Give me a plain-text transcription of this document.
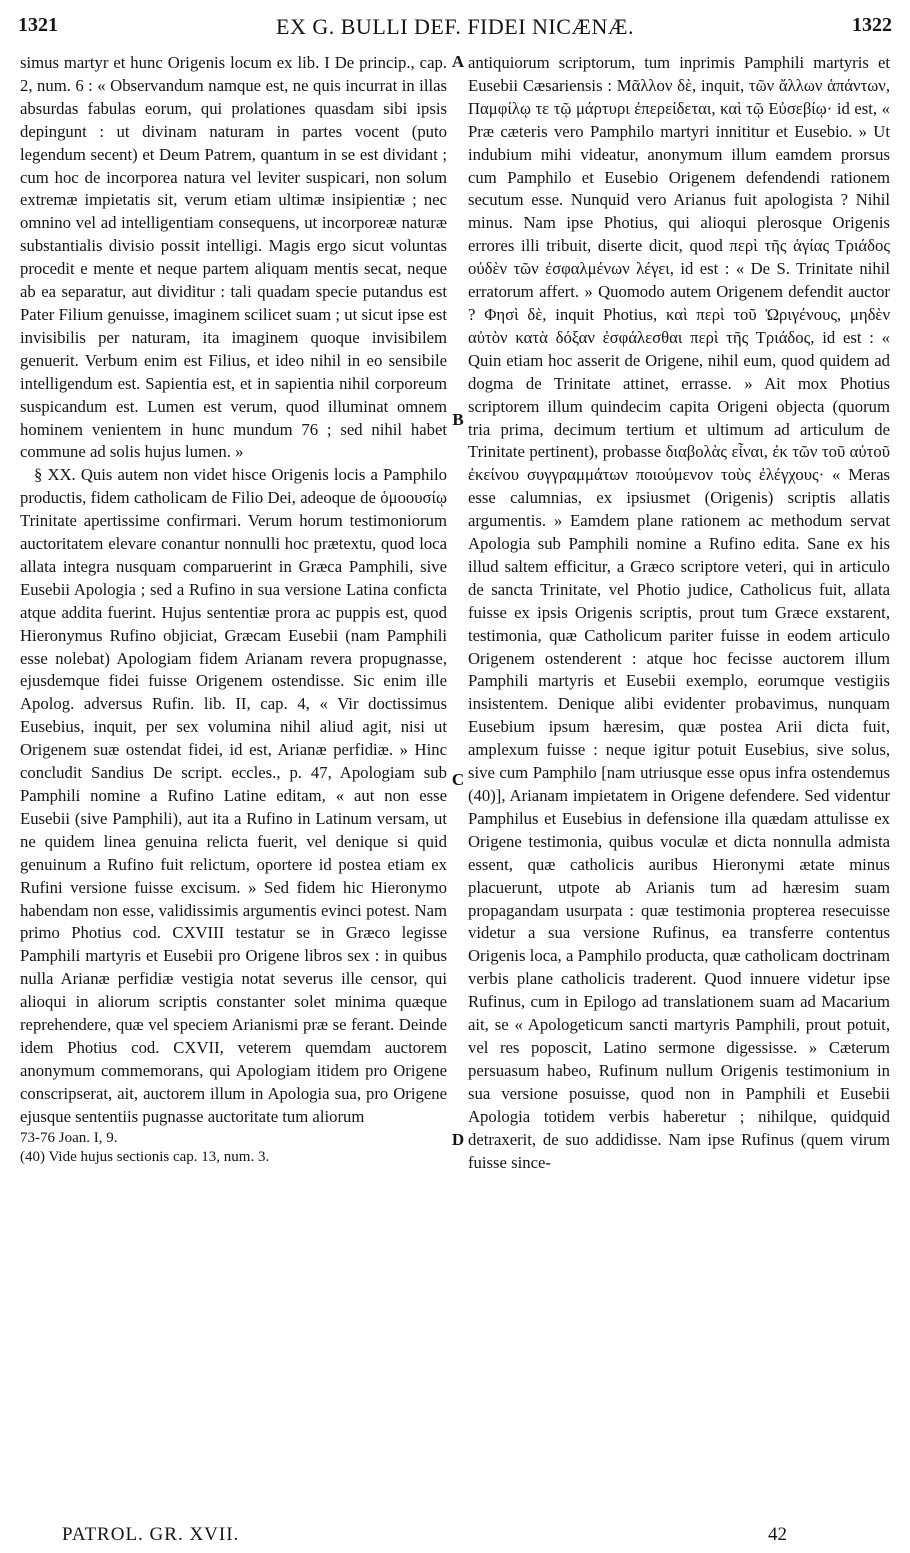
1321	EX G. BULLI DEF. FIDEI NICÆNÆ.	1322

simus martyr et hunc Origenis locum ex lib. I De princip., cap. 2, num. 6 : « Observandum namque est, ne quis incurrat in illas absurdas fabulas eorum, qui prolationes quasdam sibi ipsis depingunt : ut divinam naturam in partes vocent (puto legendum secent) et Deum Patrem, quantum in se est dividant ; cum hoc de incorporea natura vel leviter suspicari, non solum extremæ impietatis sit, verum etiam ultimæ insipientiæ ; nec omnino vel ad intelligentiam consequens, ut incorporeæ naturæ substantialis divisio possit intelligi. Magis ergo sicut voluntas procedit e mente et neque partem aliquam mentis secat, neque ab ea separatur, aut dividitur : tali quadam specie putandus est Pater Filium genuisse, imaginem scilicet suam ; ut sicut ipse est invisibilis per naturam, ita imaginem quoque invisibilem genuerit. Verbum enim est Filius, et ideo nihil in eo sensibile intelligendum est. Sapientia est, et in sapientia nihil corporeum suspicandum est. Lumen est verum, quod illuminat omnem hominem venientem in hunc mundum 76 ; sed nihil habet commune ad solis hujus lumen. »

§ XX. Quis autem non videt hisce Origenis locis a Pamphilo productis, fidem catholicam de Filio Dei, adeoque de ὁμοουσίῳ Trinitate apertissime confirmari. Verum horum testimoniorum auctoritatem elevare conantur nonnulli hoc prætextu, quod loca allata integra nusquam comparuerint in Græca Pamphili, sive Eusebii Apologia ; sed a Rufino in sua versione Latina conficta atque addita fuerint. Hujus sententiæ prora ac puppis est, quod Hieronymus Rufino objiciat, Græcam Eusebii (nam Pamphili esse nolebat) Apologiam fidem Arianam revera propugnasse, ejusdemque fidei fuisse Origenem ostendisse. Sic enim ille Apolog. adversus Rufin. lib. II, cap. 4, « Vir doctissimus Eusebius, inquit, per sex volumina nihil aliud agit, nisi ut Origenem suæ ostendat fidei, id est, Arianæ perfidiæ. » Hinc concludit Sandius De script. eccles., p. 47, Apologiam sub Pamphili nomine a Rufino Latine editam, « aut non esse Eusebii (sive Pamphili), aut ita a Rufino in Latinum versam, ut ne quidem linea genuina relicta fuerit, vel denique si quid genuinum a Rufino fuit relictum, oportere id postea etiam ex Rufini versione fuisse excisum. » Sed fidem hic Hieronymo habendam non esse, validissimis argumentis evinci potest. Nam primo Photius cod. CXVIII testatur se in Græco legisse Pamphili martyris et Eusebii pro Origene libros sex : in quibus nulla Arianæ perfidiæ vestigia notat severus ille censor, qui alioqui in aliorum scriptis constanter solet minima quæque reprehendere, quæ vel speciem Arianismi præ se ferant. Deinde idem Photius cod. CXVII, veterem quemdam auctorem anonymum commemorans, qui Apologiam itidem pro Origene conscripserat, ait, auctorem illum in Apologia sua, pro Origene ejusque sententiis pugnasse auctoritate tum aliorum

73-76 Joan. I, 9.

(40) Vide hujus sectionis cap. 13, num. 3.

A
B
C
D

antiquiorum scriptorum, tum inprimis Pamphili martyris et Eusebii Cæsariensis : Μᾶλλον δὲ, inquit, τῶν ἄλλων ἁπάντων, Παμφίλῳ τε τῷ μάρτυρι ἐπερείδεται, καὶ τῷ Εὐσεβίῳ· id est, « Præ cæteris vero Pamphilo martyri innititur et Eusebio. » Ut indubium mihi videatur, anonymum illum eamdem prorsus cum Pamphilo et Eusebio Origenem defendendi rationem secutum esse. Nunquid vero Arianus fuit apologista ? Nihil minus. Nam ipse Photius, qui alioqui plerosque Origenis errores illi tribuit, diserte dicit, quod περὶ τῆς ἁγίας Τριάδος οὐδὲν τῶν ἐσφαλμένων λέγει, id est : « De S. Trinitate nihil erratorum affert. » Quomodo autem Origenem defendit auctor ? Φησὶ δὲ, inquit Photius, καὶ περὶ τοῦ Ὠριγένους, μηδὲν αὐτὸν κατὰ δόξαν ἐσφάλεσθαι περὶ τῆς Τριάδος, id est : « Quin etiam hoc asserit de Origene, nihil eum, quod quidem ad dogma de Trinitate attinet, errasse. » Ait mox Photius scriptorem illum quindecim capita Origeni objecta (quorum tria prima, decimum tertium et ultimum ad articulum de Trinitate pertinent), probasse διαβολὰς εἶναι, ἐκ τῶν τοῦ αὐτοῦ ἐκείνου συγγραμμάτων ποιούμενον τοὺς ἐλέγχους· « Meras esse calumnias, ex ipsiusmet (Origenis) scriptis allatis argumentis. » Eamdem plane rationem ac methodum servat Apologia sub Pamphili nomine a Rufino edita. Sane ex his illud saltem efficitur, a Græco scriptore veteri, qui in articulo de sancta Trinitate, vel Photio judice, Catholicus fuit, allata fuisse ex ipsis Origenis scriptis, prout tum Græce exstarent, testimonia, quæ Catholicum pariter fuisse in eodem articulo Origenem ostenderent : atque hoc fecisse auctorem illum Pamphili martyris et Eusebii exemplo, eorumque vestigiis insistentem. Denique alibi evidenter probavimus, nunquam Eusebium ipsum hæresim, quæ postea Arii dicta fuit, amplexum fuisse : neque igitur potuit Eusebius, sive solus, sive cum Pamphilo [nam utriusque esse opus infra ostendemus (40)], Arianam impietatem in Origene defendere. Sed videntur Pamphilus et Eusebius in defensione illa quædam attulisse ex Origene testimonia, quibus voculæ et dicta nonnulla admista essent, quæ catholicis auribus Hieronymi ætate minus placuerunt, utpote ab Arianis tum ad hæresim suam propagandam usurpata : quæ testimonia propterea resecuisse videtur a sua versione Rufinus, ea transferre contentus Origenis loca, a Pamphilo producta, quæ catholicam doctrinam verbis plane catholicis traderent. Quod innuere videtur ipse Rufinus, cum in Epilogo ad translationem suam ad Macarium ait, se « Apologeticum sancti martyris Pamphili, prout potuit, vel res poposcit, Latino sermone digessisse. » Cæterum persuasum habeo, Rufinum nullum Origenis testimonium in sua versione posuisse, quod non in Pamphili et Eusebii Apologia totidem verbis haberetur ; nihilque, quidquid detraxerit, de suo addidisse. Nam ipse Rufinus (quem virum fuisse since-

PATROL. GR. XVII.	42
